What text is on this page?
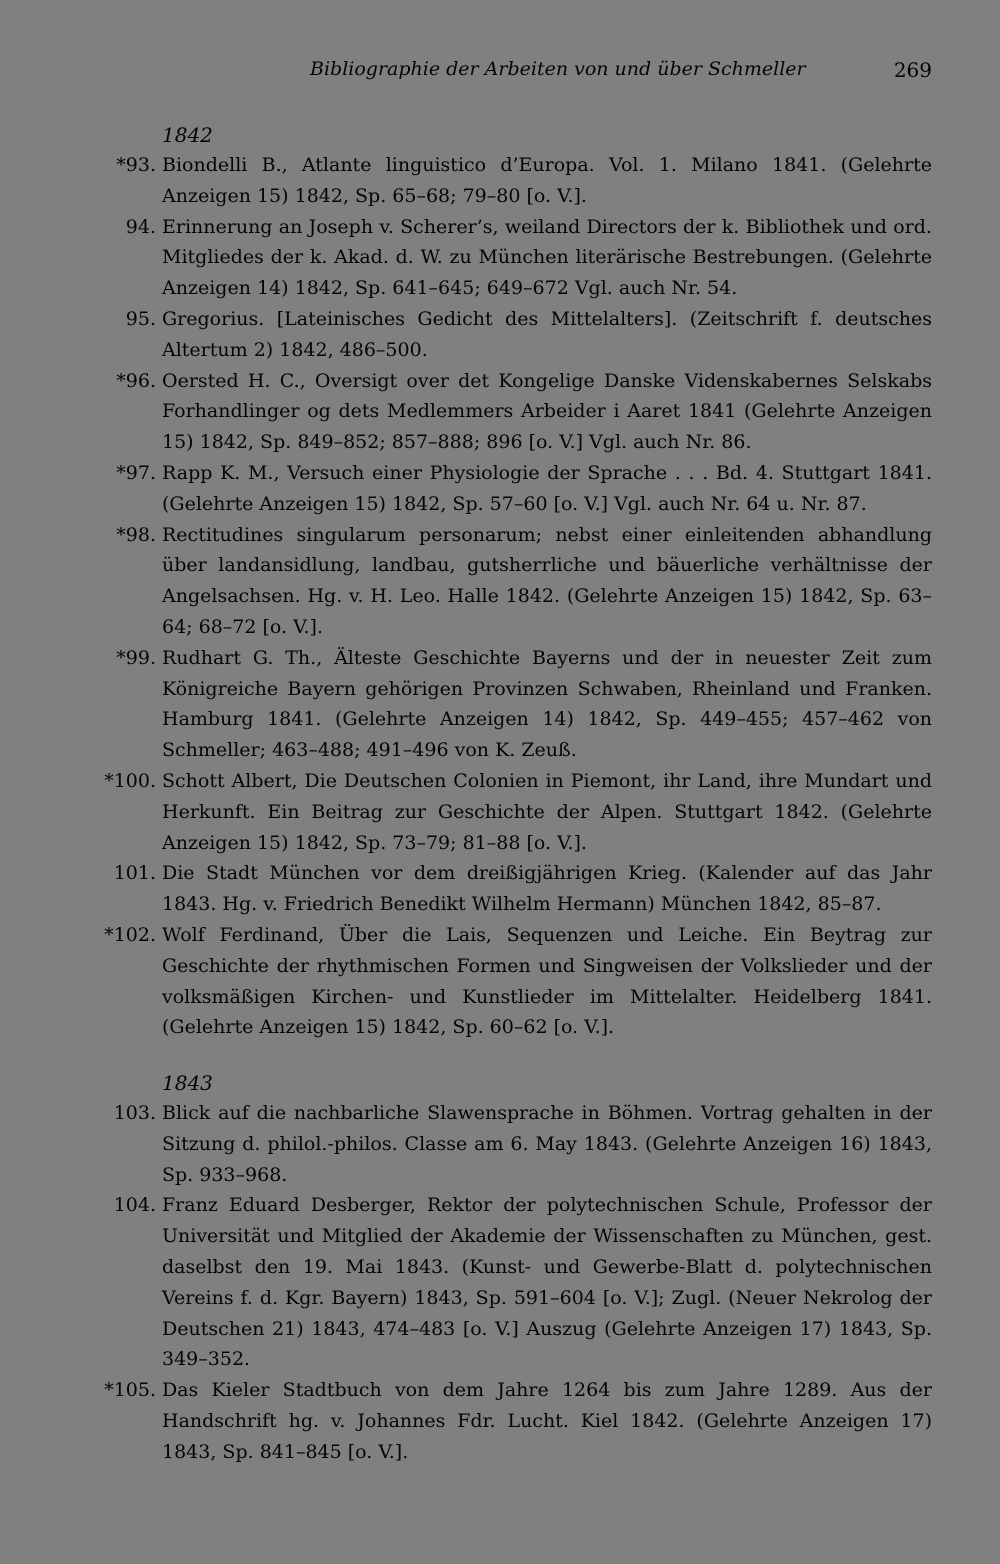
Bibliographie der Arbeiten von und über Schmeller	269
1842
*93. Biondelli B., Atlante linguistico d’Europa. Vol. 1. Milano 1841. (Gelehrte Anzeigen 15) 1842, Sp. 65–68; 79–80 [o. V.].
94. Erinnerung an Joseph v. Scherer’s, weiland Directors der k. Bibliothek und ord. Mitgliedes der k. Akad. d. W. zu München literärische Bestrebungen. (Gelehrte Anzeigen 14) 1842, Sp. 641–645; 649–672 Vgl. auch Nr. 54.
95. Gregorius. [Lateinisches Gedicht des Mittelalters]. (Zeitschrift f. deutsches Altertum 2) 1842, 486–500.
*96. Oersted H. C., Oversigt over det Kongelige Danske Videnskabernes Selskabs Forhandlinger og dets Medlemmers Arbeider i Aaret 1841 (Gelehrte Anzeigen 15) 1842, Sp. 849–852; 857–888; 896 [o. V.] Vgl. auch Nr. 86.
*97. Rapp K. M., Versuch einer Physiologie der Sprache . . . Bd. 4. Stuttgart 1841. (Gelehrte Anzeigen 15) 1842, Sp. 57–60 [o. V.] Vgl. auch Nr. 64 u. Nr. 87.
*98. Rectitudines singularum personarum; nebst einer einleitenden abhandlung über landansidlung, landbau, gutsherrliche und bäuerliche verhältnisse der Angelsachsen. Hg. v. H. Leo. Halle 1842. (Gelehrte Anzeigen 15) 1842, Sp. 63–64; 68–72 [o. V.].
*99. Rudhart G. Th., Älteste Geschichte Bayerns und der in neuester Zeit zum Königreiche Bayern gehörigen Provinzen Schwaben, Rheinland und Franken. Hamburg 1841. (Gelehrte Anzeigen 14) 1842, Sp. 449–455; 457–462 von Schmeller; 463–488; 491–496 von K. Zeuß.
*100. Schott Albert, Die Deutschen Colonien in Piemont, ihr Land, ihre Mundart und Herkunft. Ein Beitrag zur Geschichte der Alpen. Stuttgart 1842. (Gelehrte Anzeigen 15) 1842, Sp. 73–79; 81–88 [o. V.].
101. Die Stadt München vor dem dreißigjährigen Krieg. (Kalender auf das Jahr 1843. Hg. v. Friedrich Benedikt Wilhelm Hermann) München 1842, 85–87.
*102. Wolf Ferdinand, Über die Lais, Sequenzen und Leiche. Ein Beytrag zur Geschichte der rhythmischen Formen und Singweisen der Volkslieder und der volksmäßigen Kirchen- und Kunstlieder im Mittelalter. Heidelberg 1841. (Gelehrte Anzeigen 15) 1842, Sp. 60–62 [o. V.].
1843
103. Blick auf die nachbarliche Slawensprache in Böhmen. Vortrag gehalten in der Sitzung d. philol.-philos. Classe am 6. May 1843. (Gelehrte Anzeigen 16) 1843, Sp. 933–968.
104. Franz Eduard Desberger, Rektor der polytechnischen Schule, Professor der Universität und Mitglied der Akademie der Wissenschaften zu München, gest. daselbst den 19. Mai 1843. (Kunst- und Gewerbe-Blatt d. polytechnischen Vereins f. d. Kgr. Bayern) 1843, Sp. 591–604 [o. V.]; Zugl. (Neuer Nekrolog der Deutschen 21) 1843, 474–483 [o. V.] Auszug (Gelehrte Anzeigen 17) 1843, Sp. 349–352.
*105. Das Kieler Stadtbuch von dem Jahre 1264 bis zum Jahre 1289. Aus der Handschrift hg. v. Johannes Fdr. Lucht. Kiel 1842. (Gelehrte Anzeigen 17) 1843, Sp. 841–845 [o. V.].
